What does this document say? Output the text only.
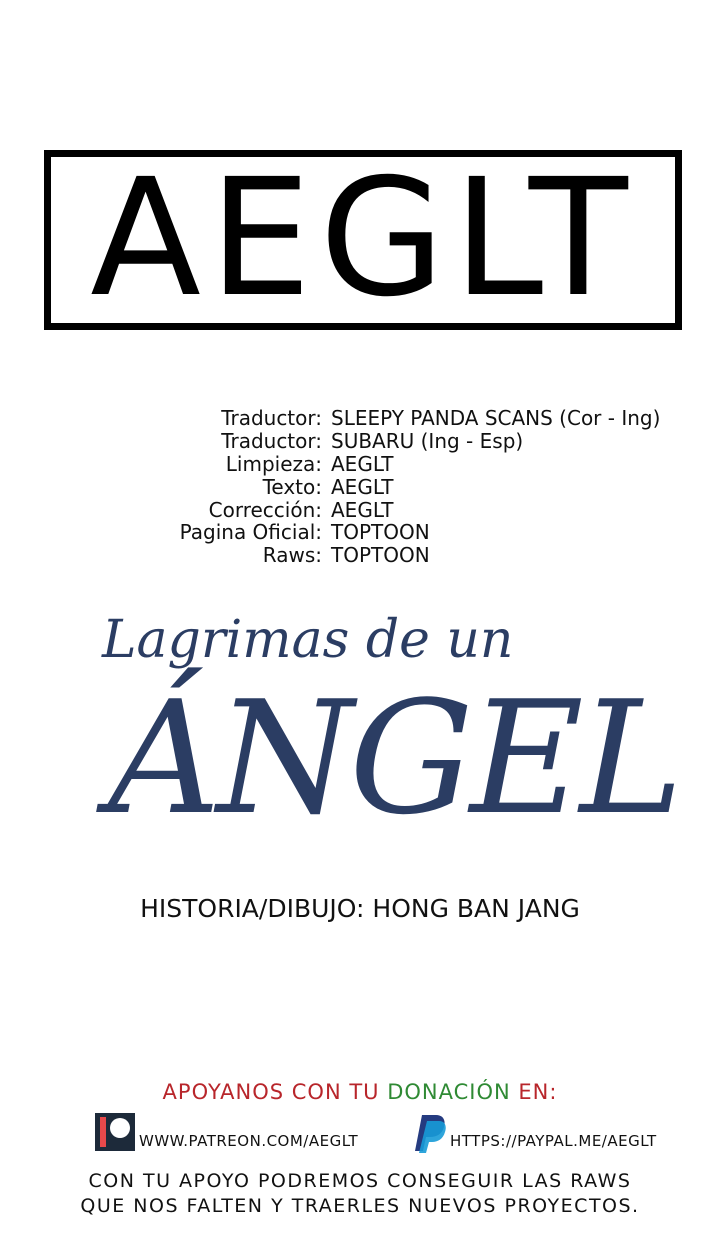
AEGLT
Traductor: SLEEPY PANDA SCANS (Cor - Ing)
Traductor: SUBARU (Ing - Esp)
Limpieza: AEGLT
Texto: AEGLT
Corrección: AEGLT
Pagina Oficial: TOPTOON
Raws: TOPTOON
Lagrimas de un
ÁNGEL
HISTORIA/DIBUJO: HONG BAN JANG
APOYANOS CON TU DONACIÓN EN:
WWW.PATREON.COM/AEGLT	HTTPS://PAYPAL.ME/AEGLT
CON TU APOYO PODREMOS CONSEGUIR LAS RAWS
QUE NOS FALTEN Y TRAERLES NUEVOS PROYECTOS.
